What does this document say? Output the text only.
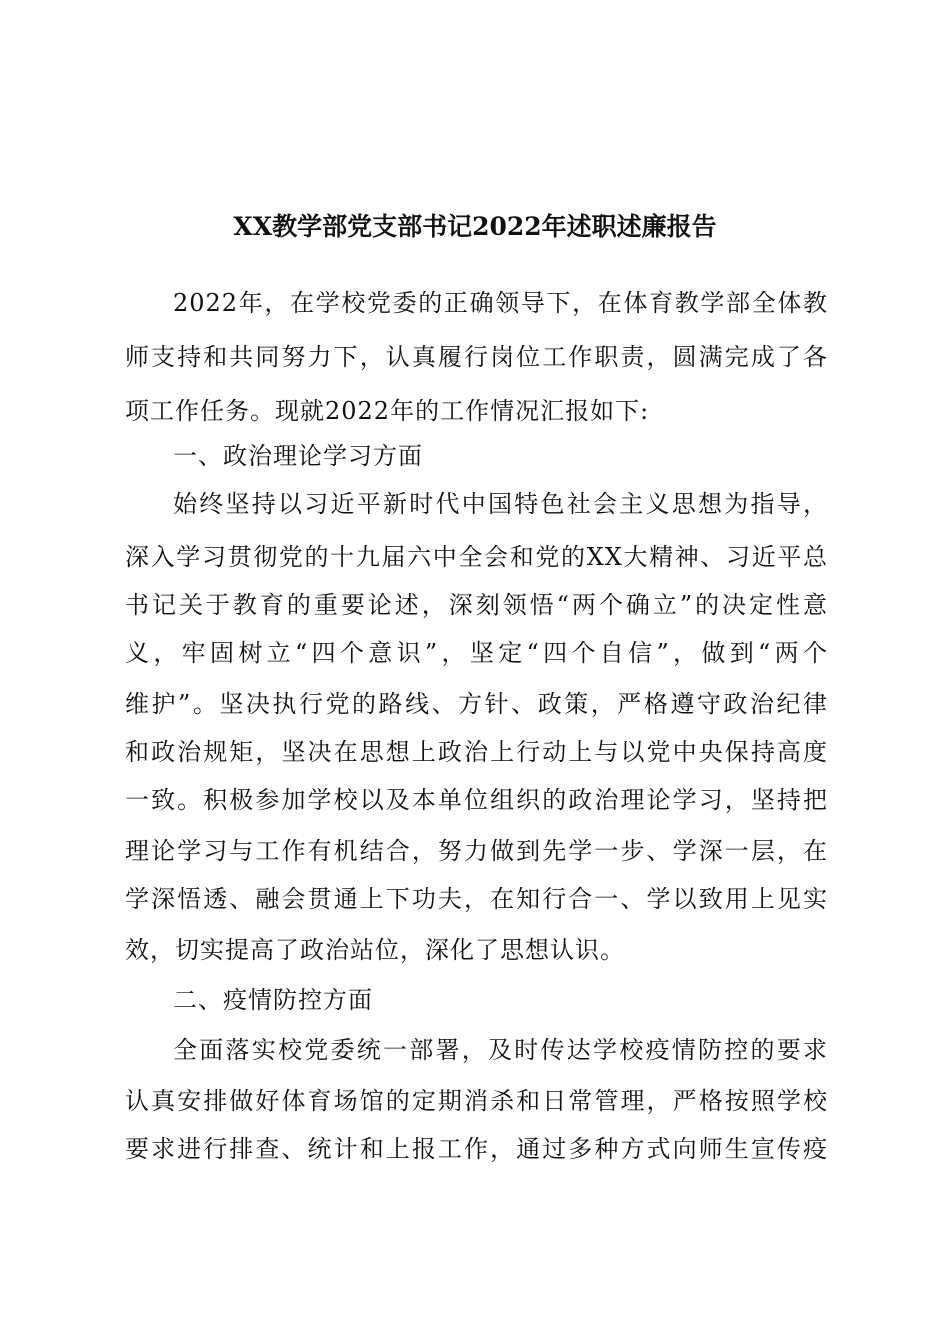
XX教学部党支部书记2022年述职述廉报告
2022年，在学校党委的正确领导下，在体育教学部全体教
师支持和共同努力下，认真履行岗位工作职责，圆满完成了各
项工作任务。现就2022年的工作情况汇报如下:
一、政治理论学习方面
始终坚持以习近平新时代中国特色社会主义思想为指导，
深入学习贯彻党的十九届六中全会和党的XX大精神、习近平总
书记关于教育的重要论述，深刻领悟“两个确立”的决定性意
义，牢固树立“四个意识”，坚定“四个自信”，做到“两个
维护”。坚决执行党的路线、方针、政策，严格遵守政治纪律
和政治规矩，坚决在思想上政治上行动上与以党中央保持高度
一致。积极参加学校以及本单位组织的政治理论学习，坚持把
理论学习与工作有机结合，努力做到先学一步、学深一层，在
学深悟透、融会贯通上下功夫，在知行合一、学以致用上见实
效，切实提高了政治站位，深化了思想认识。
二、疫情防控方面
全面落实校党委统一部署，及时传达学校疫情防控的要求
认真安排做好体育场馆的定期消杀和日常管理，严格按照学校
要求进行排查、统计和上报工作，通过多种方式向师生宣传疫
